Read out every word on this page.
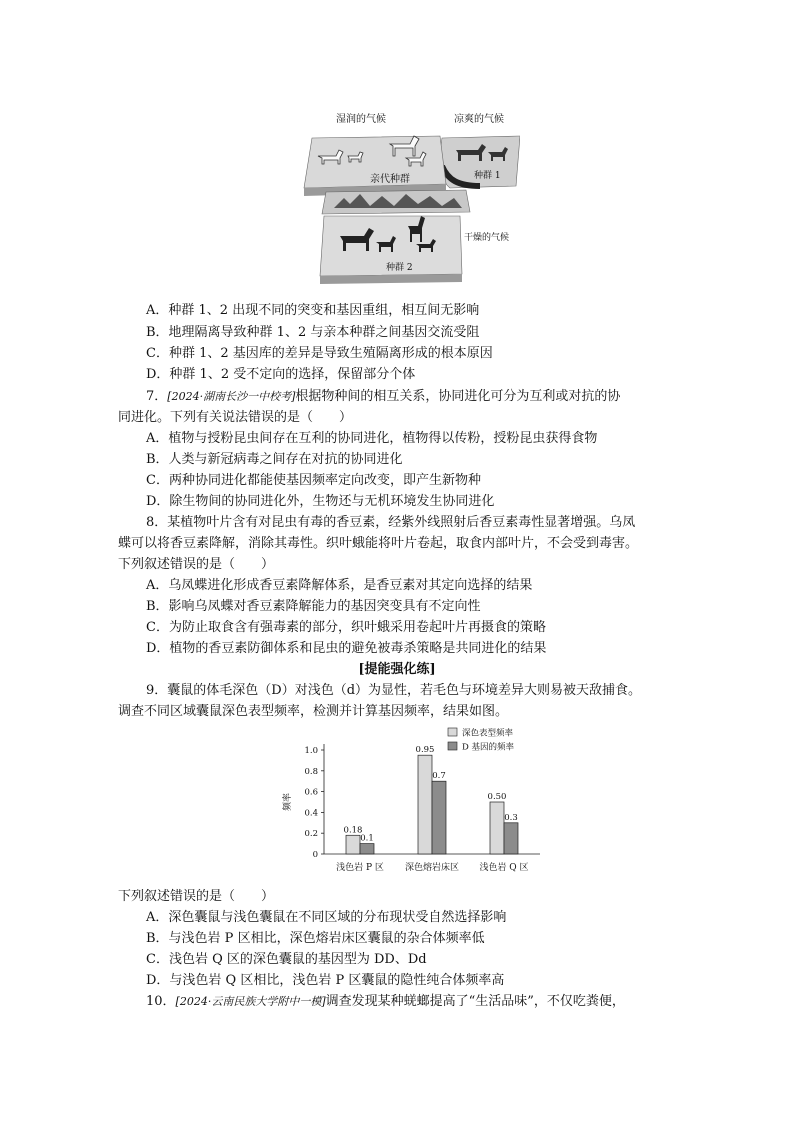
湿润的气候	凉爽的气候
亲代种群	种群 1
干燥的气候
种群 2
A．种群 1、2 出现不同的突变和基因重组，相互间无影响
B．地理隔离导致种群 1、2 与亲本种群之间基因交流受阻
C．种群 1、2 基因库的差异是导致生殖隔离形成的根本原因
D．种群 1、2 受不定向的选择，保留部分个体
7．[2024·湖南长沙一中校考]根据物种间的相互关系，协同进化可分为互利或对抗的协
同进化。下列有关说法错误的是（　　）
A．植物与授粉昆虫间存在互利的协同进化，植物得以传粉，授粉昆虫获得食物
B．人类与新冠病毒之间存在对抗的协同进化
C．两种协同进化都能使基因频率定向改变，即产生新物种
D．除生物间的协同进化外，生物还与无机环境发生协同进化
8．某植物叶片含有对昆虫有毒的香豆素，经紫外线照射后香豆素毒性显著增强。乌凤
蝶可以将香豆素降解，消除其毒性。织叶蛾能将叶片卷起，取食内部叶片，不会受到毒害。
下列叙述错误的是（　　）
A．乌凤蝶进化形成香豆素降解体系，是香豆素对其定向选择的结果
B．影响乌凤蝶对香豆素降解能力的基因突变具有不定向性
C．为防止取食含有强毒素的部分，织叶蛾采用卷起叶片再摄食的策略
D．植物的香豆素防御体系和昆虫的避免被毒杀策略是共同进化的结果
[提能强化练]
9．囊鼠的体毛深色（D）对浅色（d）为显性，若毛色与环境差异大则易被天敌捕食。
调查不同区域囊鼠深色表型频率，检测并计算基因频率，结果如图。
0
0.2
0.4
0.6
0.8
1.0
频率
浅色岩 P 区 深色熔岩床区 浅色岩 Q 区
0.18
0.1
0.95
0.7
0.50
0.3
深色表型频率
D 基因的频率
下列叙述错误的是（　　）
A．深色囊鼠与浅色囊鼠在不同区域的分布现状受自然选择影响
B．与浅色岩 P 区相比，深色熔岩床区囊鼠的杂合体频率低
C．浅色岩 Q 区的深色囊鼠的基因型为 DD、Dd
D．与浅色岩 Q 区相比，浅色岩 P 区囊鼠的隐性纯合体频率高
10．[2024·云南民族大学附中一模]调查发现某种蜣螂提高了“生活品味”，不仅吃粪便，
